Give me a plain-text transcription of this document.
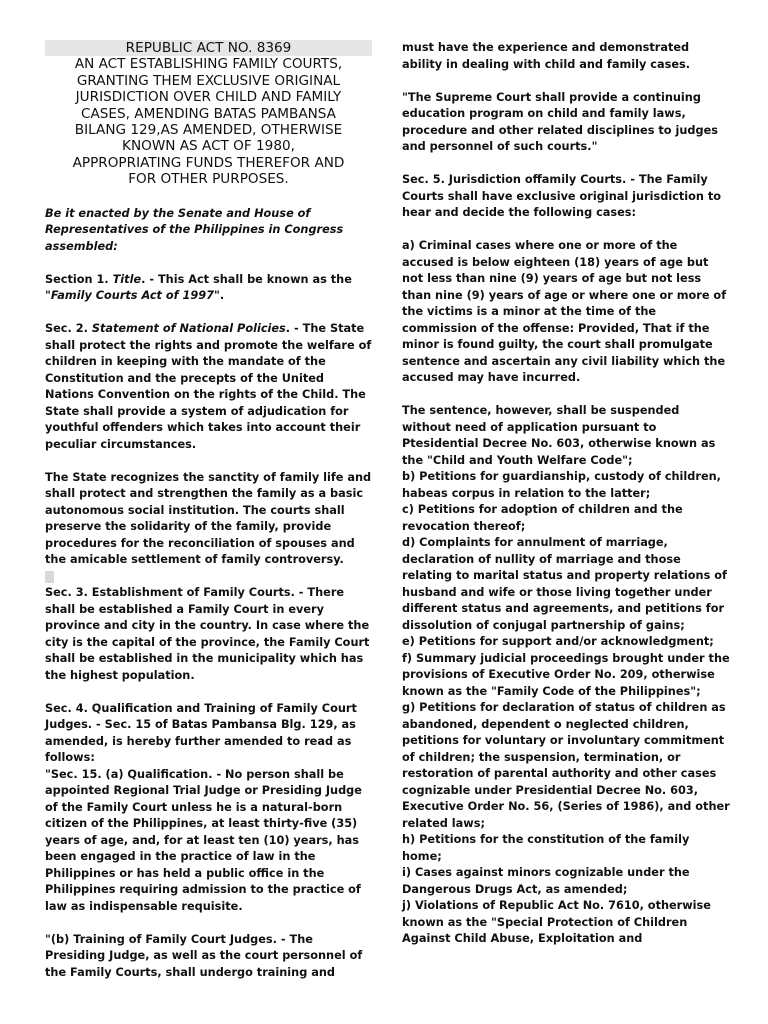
REPUBLIC ACT NO. 8369
AN ACT ESTABLISHING FAMILY COURTS,
GRANTING THEM EXCLUSIVE ORIGINAL
JURISDICTION OVER CHILD AND FAMILY
CASES, AMENDING BATAS PAMBANSA
BILANG 129,AS AMENDED, OTHERWISE
KNOWN AS ACT OF 1980,
APPROPRIATING FUNDS THEREFOR AND
FOR OTHER PURPOSES.

Be it enacted by the Senate and House of Representatives of the Philippines in Congress assembled:

Section 1. Title. - This Act shall be known as the "Family Courts Act of 1997".

Sec. 2. Statement of National Policies. - The State shall protect the rights and promote the welfare of children in keeping with the mandate of the Constitution and the precepts of the United Nations Convention on the rights of the Child. The State shall provide a system of adjudication for youthful offenders which takes into account their peculiar circumstances.

The State recognizes the sanctity of family life and shall protect and strengthen the family as a basic autonomous social institution. The courts shall preserve the solidarity of the family, provide procedures for the reconciliation of spouses and the amicable settlement of family controversy.

Sec. 3. Establishment of Family Courts. - There shall be established a Family Court in every province and city in the country. In case where the city is the capital of the province, the Family Court shall be established in the municipality which has the highest population.

Sec. 4. Qualification and Training of Family Court Judges. - Sec. 15 of Batas Pambansa Blg. 129, as amended, is hereby further amended to read as follows:

"Sec. 15. (a) Qualification. - No person shall be appointed Regional Trial Judge or Presiding Judge of the Family Court unless he is a natural-born citizen of the Philippines, at least thirty-five (35) years of age, and, for at least ten (10) years, has been engaged in the practice of law in the Philippines or has held a public office in the Philippines requiring admission to the practice of law as indispensable requisite.

"(b) Training of Family Court Judges. - The Presiding Judge, as well as the court personnel of the Family Courts, shall undergo training and

must have the experience and demonstrated ability in dealing with child and family cases.

"The Supreme Court shall provide a continuing education program on child and family laws, procedure and other related disciplines to judges and personnel of such courts."

Sec. 5. Jurisdiction offamily Courts. - The Family Courts shall have exclusive original jurisdiction to hear and decide the following cases:

a) Criminal cases where one or more of the accused is below eighteen (18) years of age but not less than nine (9) years of age but not less than nine (9) years of age or where one or more of the victims is a minor at the time of the commission of the offense: Provided, That if the minor is found guilty, the court shall promulgate sentence and ascertain any civil liability which the accused may have incurred.

The sentence, however, shall be suspended without need of application pursuant to Ptesidential Decree No. 603, otherwise known as the "Child and Youth Welfare Code";

b) Petitions for guardianship, custody of children, habeas corpus in relation to the latter;

c) Petitions for adoption of children and the revocation thereof;

d) Complaints for annulment of marriage, declaration of nullity of marriage and those relating to marital status and property relations of husband and wife or those living together under different status and agreements, and petitions for dissolution of conjugal partnership of gains;

e) Petitions for support and/or acknowledgment;

f) Summary judicial proceedings brought under the provisions of Executive Order No. 209, otherwise known as the "Family Code of the Philippines";

g) Petitions for declaration of status of children as abandoned, dependent o neglected children, petitions for voluntary or involuntary commitment of children; the suspension, termination, or restoration of parental authority and other cases cognizable under Presidential Decree No. 603, Executive Order No. 56, (Series of 1986), and other related laws;

h) Petitions for the constitution of the family home;

i) Cases against minors cognizable under the Dangerous Drugs Act, as amended;

j) Violations of Republic Act No. 7610, otherwise known as the "Special Protection of Children Against Child Abuse, Exploitation and
